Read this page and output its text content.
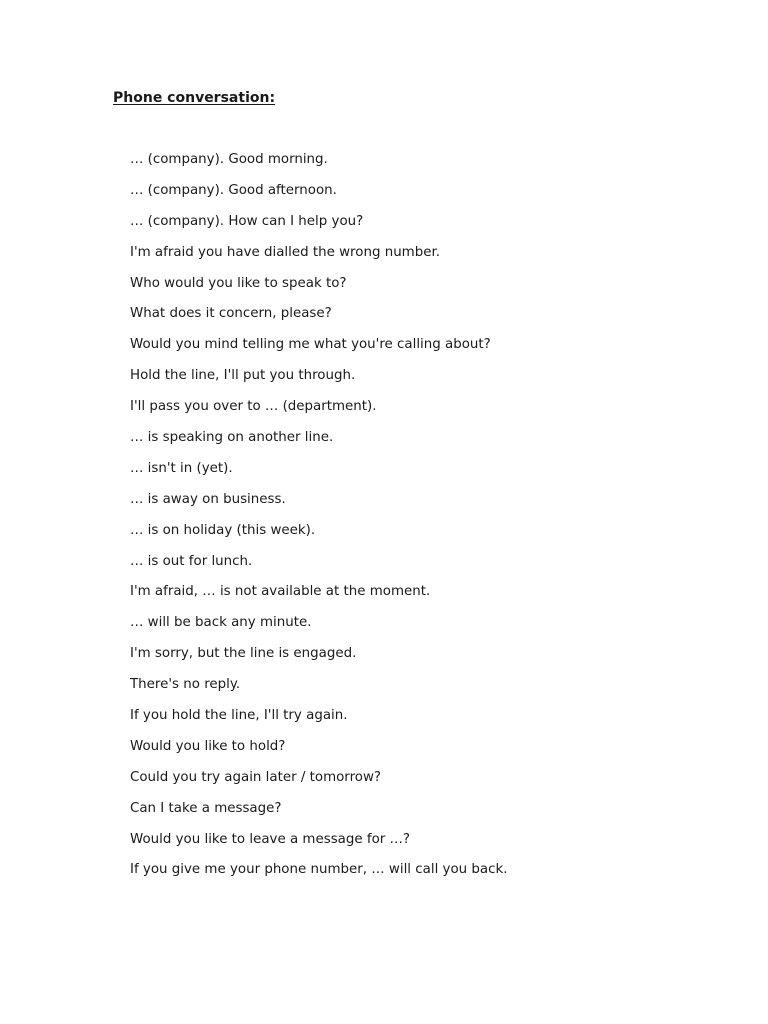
Phone conversation:
… (company). Good morning.
… (company). Good afternoon.
… (company). How can I help you?
I'm afraid you have dialled the wrong number.
Who would you like to speak to?
What does it concern, please?
Would you mind telling me what you're calling about?
Hold the line, I'll put you through.
I'll pass you over to … (department).
… is speaking on another line.
… isn't in (yet).
… is away on business.
… is on holiday (this week).
… is out for lunch.
I'm afraid, … is not available at the moment.
… will be back any minute.
I'm sorry, but the line is engaged.
There's no reply.
If you hold the line, I'll try again.
Would you like to hold?
Could you try again later / tomorrow?
Can I take a message?
Would you like to leave a message for …?
If you give me your phone number, … will call you back.
